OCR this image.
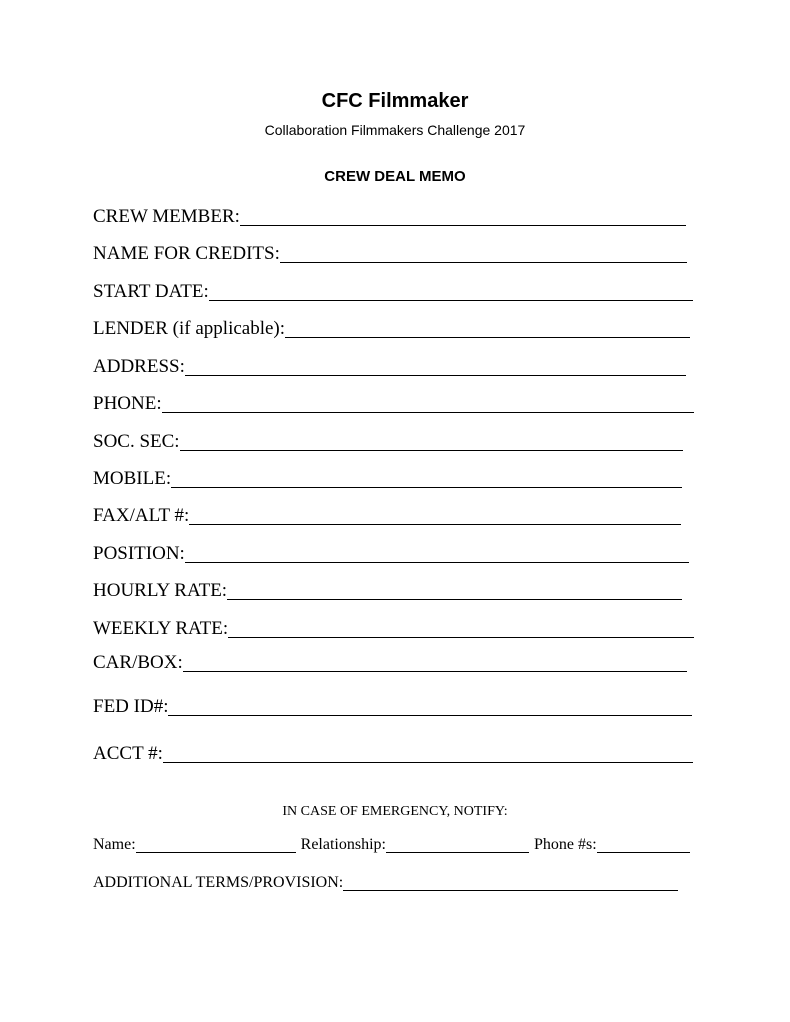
CFC Filmmaker
Collaboration Filmmakers Challenge 2017
CREW DEAL MEMO
CREW MEMBER:
NAME FOR CREDITS:
START DATE:
LENDER (if applicable):
ADDRESS:
PHONE:
SOC. SEC:
MOBILE:
FAX/ALT #:
POSITION:
HOURLY RATE:
WEEKLY RATE:
CAR/BOX:
FED ID#:
ACCT #:
IN CASE OF EMERGENCY, NOTIFY:
Name:	Relationship:	Phone #s:
ADDITIONAL TERMS/PROVISION:
